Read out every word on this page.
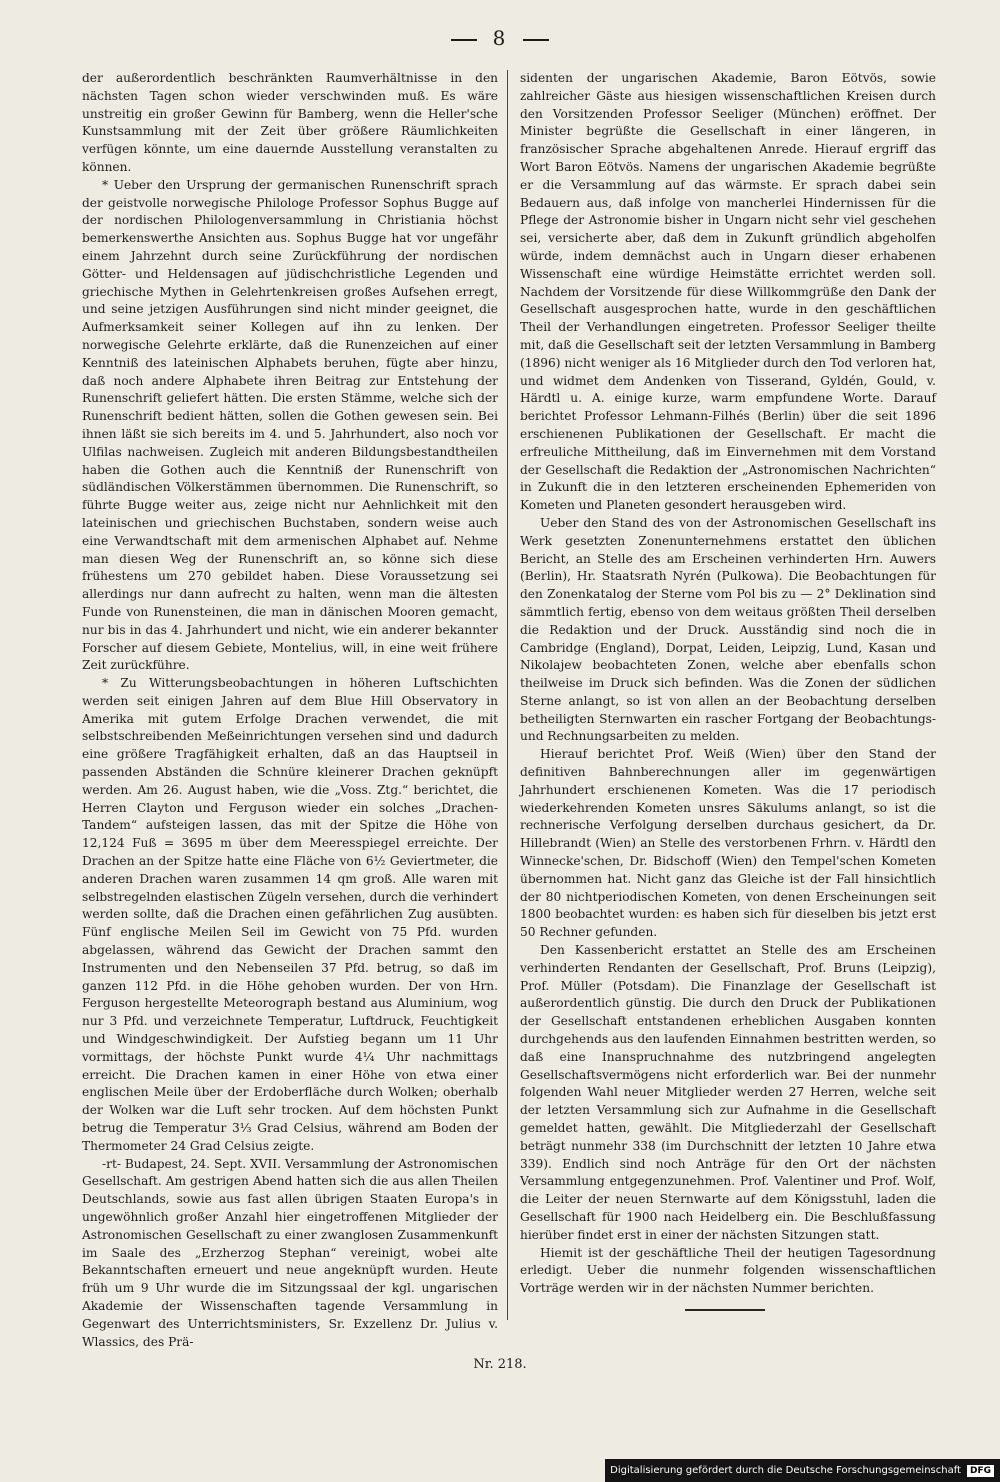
8

der außerordentlich beschränkten Raumverhältnisse in den nächsten Tagen schon wieder verschwinden muß. Es wäre unstreitig ein großer Gewinn für Bamberg, wenn die Heller'sche Kunstsammlung mit der Zeit über größere Räumlichkeiten verfügen könnte, um eine dauernde Ausstellung veranstalten zu können.

* Ueber den Ursprung der germanischen Runenschrift sprach der geistvolle norwegische Philologe Professor Sophus Bugge auf der nordischen Philologenversammlung in Christiania höchst bemerkenswerthe Ansichten aus. Sophus Bugge hat vor ungefähr einem Jahrzehnt durch seine Zurückführung der nordischen Götter- und Heldensagen auf jüdischchristliche Legenden und griechische Mythen in Gelehrtenkreisen großes Aufsehen erregt, und seine jetzigen Ausführungen sind nicht minder geeignet, die Aufmerksamkeit seiner Kollegen auf ihn zu lenken. Der norwegische Gelehrte erklärte, daß die Runenzeichen auf einer Kenntniß des lateinischen Alphabets beruhen, fügte aber hinzu, daß noch andere Alphabete ihren Beitrag zur Entstehung der Runenschrift geliefert hätten. Die ersten Stämme, welche sich der Runenschrift bedient hätten, sollen die Gothen gewesen sein. Bei ihnen läßt sie sich bereits im 4. und 5. Jahrhundert, also noch vor Ulfilas nachweisen. Zugleich mit anderen Bildungsbestandtheilen haben die Gothen auch die Kenntniß der Runenschrift von südländischen Völkerstämmen übernommen. Die Runenschrift, so führte Bugge weiter aus, zeige nicht nur Aehnlichkeit mit den lateinischen und griechischen Buchstaben, sondern weise auch eine Verwandtschaft mit dem armenischen Alphabet auf. Nehme man diesen Weg der Runenschrift an, so könne sich diese frühestens um 270 gebildet haben. Diese Voraussetzung sei allerdings nur dann aufrecht zu halten, wenn man die ältesten Funde von Runensteinen, die man in dänischen Mooren gemacht, nur bis in das 4. Jahrhundert und nicht, wie ein anderer bekannter Forscher auf diesem Gebiete, Montelius, will, in eine weit frühere Zeit zurückführe.

* Zu Witterungsbeobachtungen in höheren Luftschichten werden seit einigen Jahren auf dem Blue Hill Observatory in Amerika mit gutem Erfolge Drachen verwendet, die mit selbstschreibenden Meßeinrichtungen versehen sind und dadurch eine größere Tragfähigkeit erhalten, daß an das Hauptseil in passenden Abständen die Schnüre kleinerer Drachen geknüpft werden. Am 26. August haben, wie die „Voss. Ztg.“ berichtet, die Herren Clayton und Ferguson wieder ein solches „Drachen-Tandem“ aufsteigen lassen, das mit der Spitze die Höhe von 12,124 Fuß = 3695 m über dem Meeresspiegel erreichte. Der Drachen an der Spitze hatte eine Fläche von 6½ Geviertmeter, die anderen Drachen waren zusammen 14 qm groß. Alle waren mit selbstregelnden elastischen Zügeln versehen, durch die verhindert werden sollte, daß die Drachen einen gefährlichen Zug ausübten. Fünf englische Meilen Seil im Gewicht von 75 Pfd. wurden abgelassen, während das Gewicht der Drachen sammt den Instrumenten und den Nebenseilen 37 Pfd. betrug, so daß im ganzen 112 Pfd. in die Höhe gehoben wurden. Der von Hrn. Ferguson hergestellte Meteorograph bestand aus Aluminium, wog nur 3 Pfd. und verzeichnete Temperatur, Luftdruck, Feuchtigkeit und Windgeschwindigkeit. Der Aufstieg begann um 11 Uhr vormittags, der höchste Punkt wurde 4¼ Uhr nachmittags erreicht. Die Drachen kamen in einer Höhe von etwa einer englischen Meile über der Erdoberfläche durch Wolken; oberhalb der Wolken war die Luft sehr trocken. Auf dem höchsten Punkt betrug die Temperatur 3⅓ Grad Celsius, während am Boden der Thermometer 24 Grad Celsius zeigte.

-rt- Budapest, 24. Sept. XVII. Versammlung der Astronomischen Gesellschaft. Am gestrigen Abend hatten sich die aus allen Theilen Deutschlands, sowie aus fast allen übrigen Staaten Europa's in ungewöhnlich großer Anzahl hier eingetroffenen Mitglieder der Astronomischen Gesellschaft zu einer zwanglosen Zusammenkunft im Saale des „Erzherzog Stephan“ vereinigt, wobei alte Bekanntschaften erneuert und neue angeknüpft wurden. Heute früh um 9 Uhr wurde die im Sitzungssaal der kgl. ungarischen Akademie der Wissenschaften tagende Versammlung in Gegenwart des Unterrichtsministers, Sr. Exzellenz Dr. Julius v. Wlassics, des Prä-

sidenten der ungarischen Akademie, Baron Eötvös, sowie zahlreicher Gäste aus hiesigen wissenschaftlichen Kreisen durch den Vorsitzenden Professor Seeliger (München) eröffnet. Der Minister begrüßte die Gesellschaft in einer längeren, in französischer Sprache abgehaltenen Anrede. Hierauf ergriff das Wort Baron Eötvös. Namens der ungarischen Akademie begrüßte er die Versammlung auf das wärmste. Er sprach dabei sein Bedauern aus, daß infolge von mancherlei Hindernissen für die Pflege der Astronomie bisher in Ungarn nicht sehr viel geschehen sei, versicherte aber, daß dem in Zukunft gründlich abgeholfen würde, indem demnächst auch in Ungarn dieser erhabenen Wissenschaft eine würdige Heimstätte errichtet werden soll. Nachdem der Vorsitzende für diese Willkommgrüße den Dank der Gesellschaft ausgesprochen hatte, wurde in den geschäftlichen Theil der Verhandlungen eingetreten. Professor Seeliger theilte mit, daß die Gesellschaft seit der letzten Versammlung in Bamberg (1896) nicht weniger als 16 Mitglieder durch den Tod verloren hat, und widmet dem Andenken von Tisserand, Gyldén, Gould, v. Härdtl u. A. einige kurze, warm empfundene Worte. Darauf berichtet Professor Lehmann-Filhés (Berlin) über die seit 1896 erschienenen Publikationen der Gesellschaft. Er macht die erfreuliche Mittheilung, daß im Einvernehmen mit dem Vorstand der Gesellschaft die Redaktion der „Astronomischen Nachrichten“ in Zukunft die in den letzteren erscheinenden Ephemeriden von Kometen und Planeten gesondert herausgeben wird.

Ueber den Stand des von der Astronomischen Gesellschaft ins Werk gesetzten Zonenunternehmens erstattet den üblichen Bericht, an Stelle des am Erscheinen verhinderten Hrn. Auwers (Berlin), Hr. Staatsrath Nyrén (Pulkowa). Die Beobachtungen für den Zonenkatalog der Sterne vom Pol bis zu — 2° Deklination sind sämmtlich fertig, ebenso von dem weitaus größten Theil derselben die Redaktion und der Druck. Ausständig sind noch die in Cambridge (England), Dorpat, Leiden, Leipzig, Lund, Kasan und Nikolajew beobachteten Zonen, welche aber ebenfalls schon theilweise im Druck sich befinden. Was die Zonen der südlichen Sterne anlangt, so ist von allen an der Beobachtung derselben betheiligten Sternwarten ein rascher Fortgang der Beobachtungs- und Rechnungsarbeiten zu melden.

Hierauf berichtet Prof. Weiß (Wien) über den Stand der definitiven Bahnberechnungen aller im gegenwärtigen Jahrhundert erschienenen Kometen. Was die 17 periodisch wiederkehrenden Kometen unsres Säkulums anlangt, so ist die rechnerische Verfolgung derselben durchaus gesichert, da Dr. Hillebrandt (Wien) an Stelle des verstorbenen Frhrn. v. Härdtl den Winnecke'schen, Dr. Bidschoff (Wien) den Tempel'schen Kometen übernommen hat. Nicht ganz das Gleiche ist der Fall hinsichtlich der 80 nichtperiodischen Kometen, von denen Erscheinungen seit 1800 beobachtet wurden: es haben sich für dieselben bis jetzt erst 50 Rechner gefunden.

Den Kassenbericht erstattet an Stelle des am Erscheinen verhinderten Rendanten der Gesellschaft, Prof. Bruns (Leipzig), Prof. Müller (Potsdam). Die Finanzlage der Gesellschaft ist außerordentlich günstig. Die durch den Druck der Publikationen der Gesellschaft entstandenen erheblichen Ausgaben konnten durchgehends aus den laufenden Einnahmen bestritten werden, so daß eine Inanspruchnahme des nutzbringend angelegten Gesellschaftsvermögens nicht erforderlich war. Bei der nunmehr folgenden Wahl neuer Mitglieder werden 27 Herren, welche seit der letzten Versammlung sich zur Aufnahme in die Gesellschaft gemeldet hatten, gewählt. Die Mitgliederzahl der Gesellschaft beträgt nunmehr 338 (im Durchschnitt der letzten 10 Jahre etwa 339). Endlich sind noch Anträge für den Ort der nächsten Versammlung entgegenzunehmen. Prof. Valentiner und Prof. Wolf, die Leiter der neuen Sternwarte auf dem Königsstuhl, laden die Gesellschaft für 1900 nach Heidelberg ein. Die Beschlußfassung hierüber findet erst in einer der nächsten Sitzungen statt.

Hiemit ist der geschäftliche Theil der heutigen Tagesordnung erledigt. Ueber die nunmehr folgenden wissenschaftlichen Vorträge werden wir in der nächsten Nummer berichten.

Nr. 218.
Digitalisierung gefördert durch die Deutsche Forschungsgemeinschaft	DFG
